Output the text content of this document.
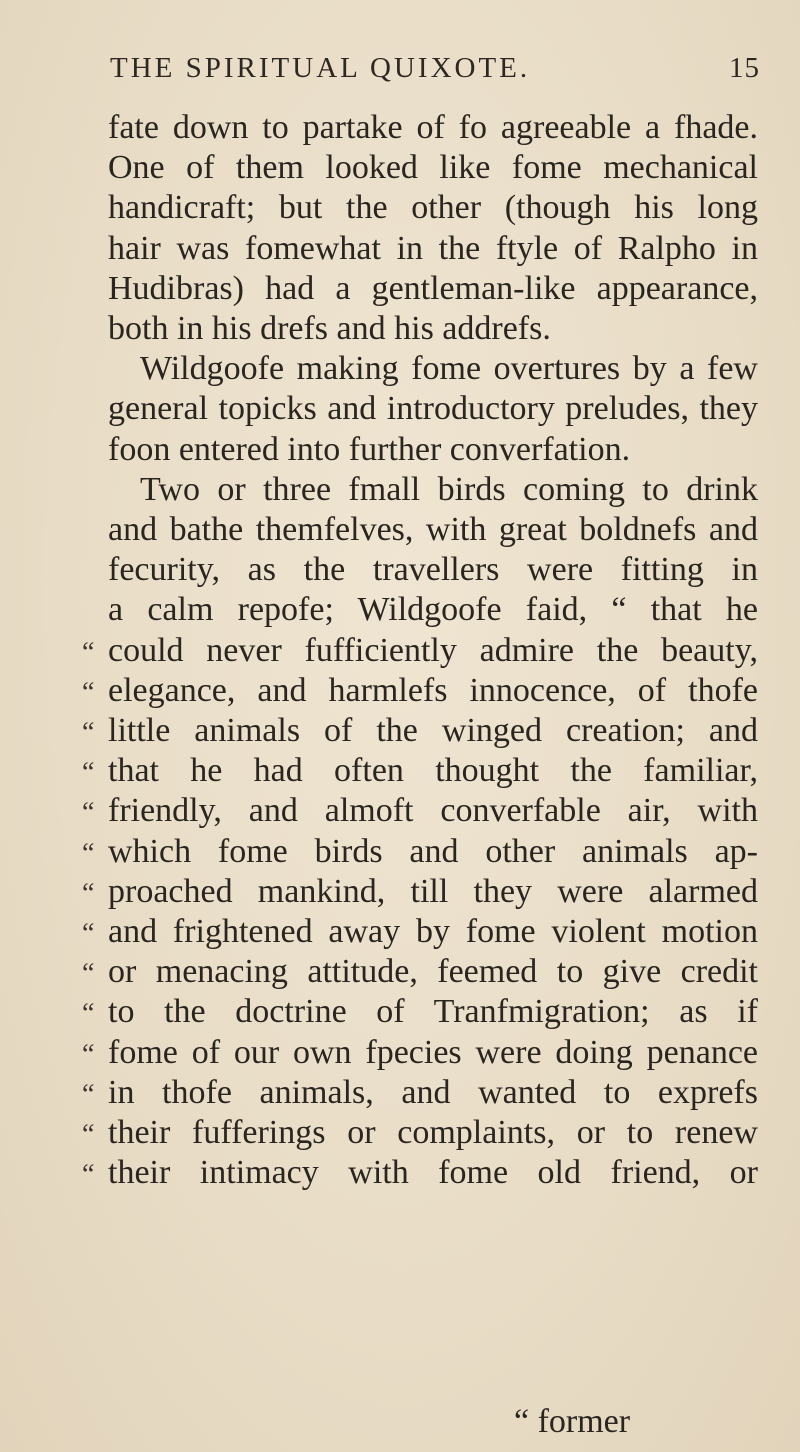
THE SPIRITUAL QUIXOTE.	15
fate down to partake of fo agreeable a fhade.
One of them looked like fome mechanical
handicraft; but the other (though his long
hair was fomewhat in the ftyle of Ralpho in
Hudibras) had a gentleman-like appearance,
both in his drefs and his addrefs.
Wildgoofe making fome overtures by a few
general topicks and introductory preludes, they
foon entered into further converfation.
Two or three fmall birds coming to drink
and bathe themfelves, with great boldnefs and
fecurity, as the travellers were fitting in
a calm repofe; Wildgoofe faid, “ that he
could never fufficiently admire the beauty,
“
elegance, and harmlefs innocence, of thofe
“
little animals of the winged creation; and
“
that he had often thought the familiar,
“
friendly, and almoft converfable air, with
“
which fome birds and other animals ap-
“
proached mankind, till they were alarmed
“
and frightened away by fome violent motion
“
or menacing attitude, feemed to give credit
“
to the doctrine of Tranfmigration; as if
“
fome of our own fpecies were doing penance
“
in thofe animals, and wanted to exprefs
“
their fufferings or complaints, or to renew
“
their intimacy with fome old friend, or
“
“ former
